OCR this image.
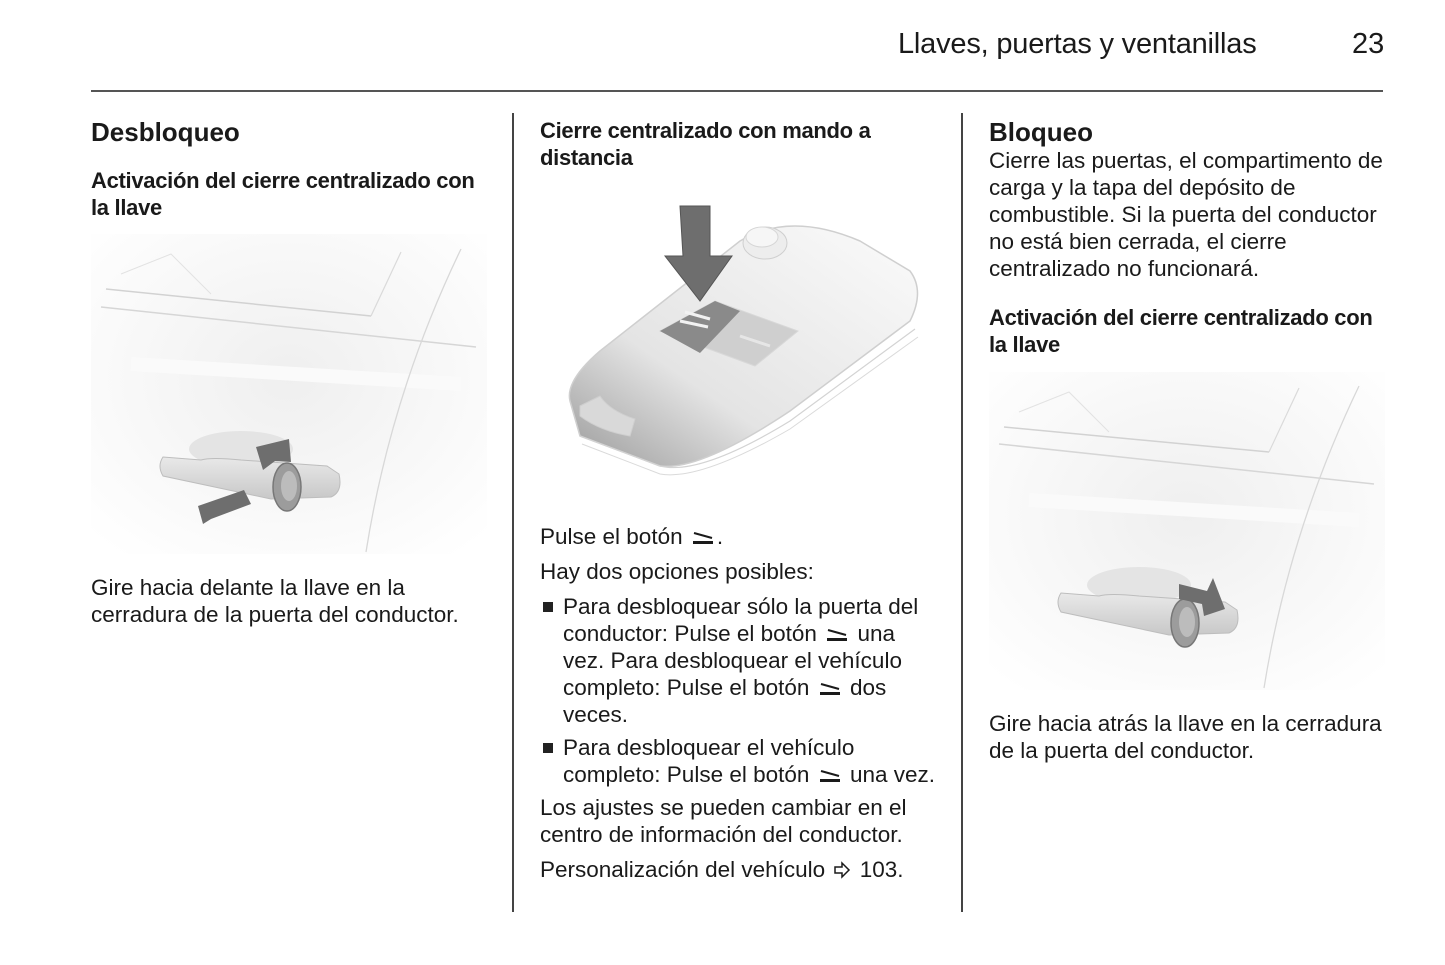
Llaves, puertas y ventanillas	23
Desbloqueo
Activación del cierre centralizado con la llave

Gire hacia delante la llave en la cerradura de la puerta del conductor.

Cierre centralizado con mando a distancia

Pulse el botón .

Hay dos opciones posibles:

Para desbloquear sólo la puerta del conductor: Pulse el botón una vez. Para desbloquear el vehículo completo: Pulse el botón dos veces.
Para desbloquear el vehículo completo: Pulse el botón una vez.

Los ajustes se pueden cambiar en el centro de información del conductor.

Personalización del vehículo 103.

Bloqueo

Cierre las puertas, el compartimento de carga y la tapa del depósito de combustible. Si la puerta del conductor no está bien cerrada, el cierre centralizado no funcionará.

Activación del cierre centralizado con la llave

Gire hacia atrás la llave en la cerradura de la puerta del conductor.
